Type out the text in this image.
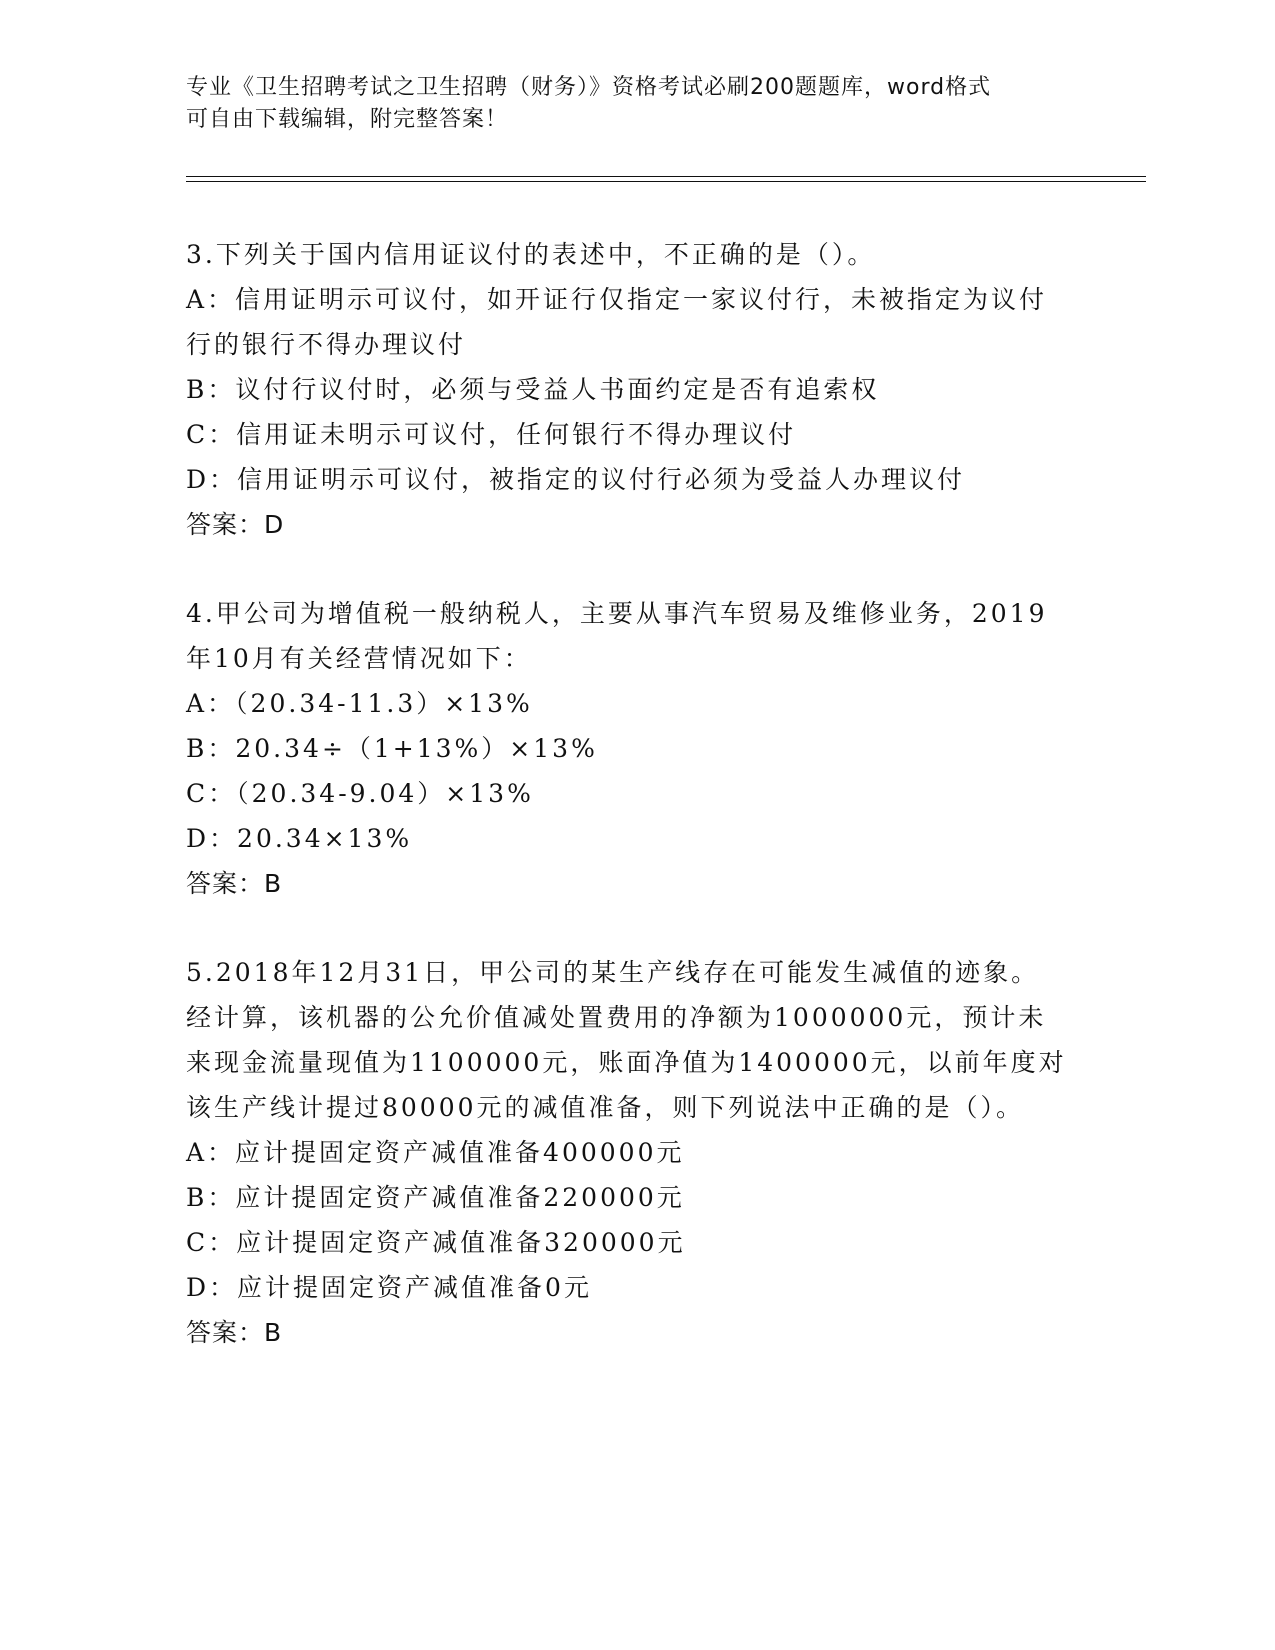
专业《卫生招聘考试之卫生招聘（财务）》资格考试必刷200题题库，word格式
可自由下载编辑，附完整答案！
3.下列关于国内信用证议付的表述中，不正确的是（）。
A：信用证明示可议付，如开证行仅指定一家议付行，未被指定为议付
行的银行不得办理议付
B：议付行议付时，必须与受益人书面约定是否有追索权
C：信用证未明示可议付，任何银行不得办理议付
D：信用证明示可议付，被指定的议付行必须为受益人办理议付
答案：D
4.甲公司为增值税一般纳税人，主要从事汽车贸易及维修业务，2019
年10月有关经营情况如下：
A：（20.34-11.3）×13%
B：20.34÷（1+13%）×13%
C：（20.34-9.04）×13%
D：20.34×13%
答案：B
5.2018年12月31日，甲公司的某生产线存在可能发生减值的迹象。
经计算，该机器的公允价值减处置费用的净额为1000000元，预计未
来现金流量现值为1100000元，账面净值为1400000元，以前年度对
该生产线计提过80000元的减值准备，则下列说法中正确的是（）。
A：应计提固定资产减值准备400000元
B：应计提固定资产减值准备220000元
C：应计提固定资产减值准备320000元
D：应计提固定资产减值准备0元
答案：B
